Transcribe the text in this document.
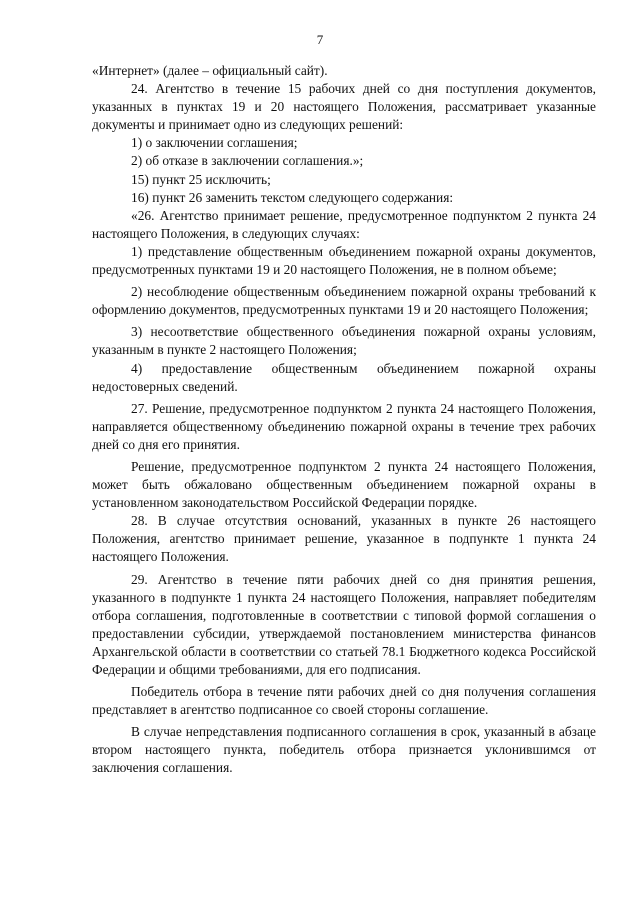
7

«Интернет» (далее – официальный сайт).

24. Агентство в течение 15 рабочих дней со дня поступления документов, указанных в пунктах 19 и 20 настоящего Положения, рассматривает указанные документы и принимает одно из следующих решений:

1) о заключении соглашения;

2) об отказе в заключении соглашения.»;

15) пункт 25 исключить;

16) пункт 26 заменить текстом следующего содержания:

«26. Агентство принимает решение, предусмотренное подпунктом 2 пункта 24 настоящего Положения, в следующих случаях:

1) представление общественным объединением пожарной охраны документов, предусмотренных пунктами 19 и 20 настоящего Положения, не в полном объеме;

2) несоблюдение общественным объединением пожарной охраны требований к оформлению документов, предусмотренных пунктами 19 и 20 настоящего Положения;

3) несоответствие общественного объединения пожарной охраны условиям, указанным в пункте 2 настоящего Положения;

4) предоставление общественным объединением пожарной охраны недостоверных сведений.

27. Решение, предусмотренное подпунктом 2 пункта 24 настоящего Положения, направляется общественному объединению пожарной охраны в течение трех рабочих дней со дня его принятия.

Решение, предусмотренное подпунктом 2 пункта 24 настоящего Положения, может быть обжаловано общественным объединением пожарной охраны в установленном законодательством Российской Федерации порядке.

28. В случае отсутствия оснований, указанных в пункте 26 настоящего Положения, агентство принимает решение, указанное в подпункте 1 пункта 24 настоящего Положения.

29. Агентство в течение пяти рабочих дней со дня принятия решения, указанного в подпункте 1 пункта 24 настоящего Положения, направляет победителям отбора соглашения, подготовленные в соответствии с типовой формой соглашения о предоставлении субсидии, утверждаемой постановлением министерства финансов Архангельской области в соответствии со статьей 78.1 Бюджетного кодекса Российской Федерации и общими требованиями, для его подписания.

Победитель отбора в течение пяти рабочих дней со дня получения соглашения представляет в агентство подписанное со своей стороны соглашение.

В случае непредставления подписанного соглашения в срок, указанный в абзаце втором настоящего пункта, победитель отбора признается уклонившимся от заключения соглашения.
